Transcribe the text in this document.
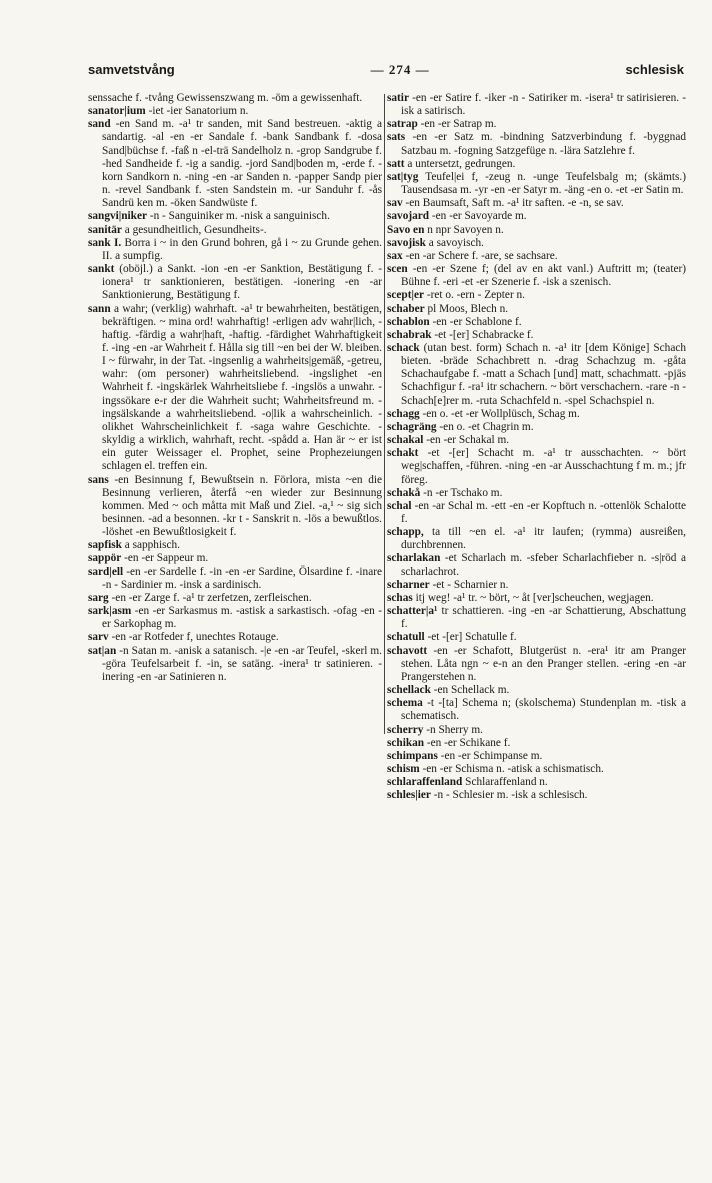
samvetstvång	— 274 —	schlesisk

senssache f. -tvång Gewissenszwang m. -öm a gewissenhaft.

sanator|ium -iet -ier Sanatorium n.

sand -en Sand m. -a¹ tr sanden, mit Sand bestreuen. -aktig a sandartig. -al -en -er Sandale f. -bank Sandbank f. -dosa Sand|büchse f. -faß n -el-trä Sandelholz n. -grop Sandgrube f. -hed Sandheide f. -ig a sandig. -jord Sand|boden m, -erde f. -korn Sandkorn n. -ning -en -ar Sanden n. -papper Sandp pier n. -revel Sandbank f. -sten Sandstein m. -ur Sanduhr f. -ås Sandrü ken m. -öken Sandwüste f.

sangvi|niker -n - Sanguiniker m. -nisk a sanguinisch.

sanitär a gesundheitlich, Gesundheits-.

sank I. Borra i ~ in den Grund bohren, gå i ~ zu Grunde gehen. II. a sumpfig.

sankt (oböjl.) a Sankt. -ion -en -er Sanktion, Bestätigung f. -ionera¹ tr sanktionieren, bestätigen. -ionering -en -ar Sanktionierung, Bestätigung f.

sann a wahr; (verklig) wahrhaft. -a¹ tr bewahrheiten, bestätigen, bekräftigen. ~ mina ord! wahrhaftig! -erligen adv wahr|lich, -haftig. -färdig a wahr|haft, -haftig. -färdighet Wahrhaftigkeit f. -ing -en -ar Wahrheit f. Hålla sig till ~en bei der W. bleiben. I ~ fürwahr, in der Tat. -ingsenlig a wahrheits|gemäß, -getreu, wahr: (om personer) wahrheitsliebend. -ingslighet -en Wahrheit f. -ingskärlek Wahrheitsliebe f. -ingslös a unwahr. -ingssökare e-r der die Wahrheit sucht; Wahrheitsfreund m. -ingsälskande a wahrheitsliebend. -o|lik a wahrscheinlich. -olikhet Wahrscheinlichkeit f. -saga wahre Geschichte. -skyldig a wirklich, wahrhaft, recht. -spådd a. Han är ~ er ist ein guter Weissager el. Prophet, seine Prophezeiungen schlagen el. treffen ein.

sans -en Besinnung f, Bewußtsein n. Förlora, mista ~en die Besinnung verlieren, återfå ~en wieder zur Besinnung kommen. Med ~ och måtta mit Maß und Ziel. -a,¹ ~ sig sich besinnen. -ad a besonnen. -kr t - Sanskrit n. -lös a bewußtlos. -löshet -en Bewußtlosigkeit f.

sapfisk a sapphisch.

sappör -en -er Sappeur m.

sard|ell -en -er Sardelle f. -in -en -er Sardine, Ölsardine f. -inare -n - Sardinier m. -insk a sardinisch.

sarg -en -er Zarge f. -a¹ tr zerfetzen, zerfleischen.

sark|asm -en -er Sarkasmus m. -astisk a sarkastisch. -ofag -en -er Sarkophag m.

sarv -en -ar Rotfeder f, unechtes Rotauge.

sat|an -n Satan m. -anisk a satanisch. -|e -en -ar Teufel, -skerl m. -göra Teufelsarbeit f. -in, se satäng. -inera¹ tr satinieren. -inering -en -ar Satinieren n.

satir -en -er Satire f. -iker -n - Satiriker m. -isera¹ tr satirisieren. -isk a satirisch.

satrap -en -er Satrap m.

sats -en -er Satz m. -bindning Satzverbindung f. -byggnad Satzbau m. -fogning Satzgefüge n. -lära Satzlehre f.

satt a untersetzt, gedrungen.

sat|tyg Teufel|ei f, -zeug n. -unge Teufelsbalg m; (skämts.) Tausendsasa m. -yr -en -er Satyr m. -äng -en o. -et -er Satin m.

sav -en Baumsaft, Saft m. -a¹ itr saften. -e -n, se sav.

savojard -en -er Savoyarde m.

Savo en n npr Savoyen n.

savojisk a savoyisch.

sax -en -ar Schere f. -are, se sachsare.

scen -en -er Szene f; (del av en akt vanl.) Auftritt m; (teater) Bühne f. -eri -et -er Szenerie f. -isk a szenisch.

scept|er -ret o. -ern - Zepter n.

schaber pl Moos, Blech n.

schablon -en -er Schablone f.

schabrak -et -[er] Schabracke f.

schack (utan best. form) Schach n. -a¹ itr [dem Könige] Schach bieten. -bräde Schachbrett n. -drag Schachzug m. -gåta Schachaufgabe f. -matt a Schach [und] matt, schachmatt. -pjäs Schachfigur f. -ra¹ itr schachern. ~ bört verschachern. -rare -n - Schach[e]rer m. -ruta Schachfeld n. -spel Schachspiel n.

schagg -en o. -et -er Wollplüsch, Schag m.

schagräng -en o. -et Chagrin m.

schakal -en -er Schakal m.

schakt -et -[er] Schacht m. -a¹ tr ausschachten. ~ bört weg|schaffen, -führen. -ning -en -ar Ausschachtung f m. m.; jfr föreg.

schakå -n -er Tschako m.

schal -en -ar Schal m. -ett -en -er Kopftuch n. -ottenlök Schalotte f.

schapp, ta till ~en el. -a¹ itr laufen; (rymma) ausreißen, durchbrennen.

scharlakan -et Scharlach m. -sfeber Scharlachfieber n. -s|röd a scharlachrot.

scharner -et - Scharnier n.

schas itj weg! -a¹ tr. ~ bört, ~ åt [ver]scheuchen, wegjagen.

schatter|a¹ tr schattieren. -ing -en -ar Schattierung, Abschattung f.

schatull -et -[er] Schatulle f.

schavott -en -er Schafott, Blutgerüst n. -era¹ itr am Pranger stehen. Låta ngn ~ e-n an den Pranger stellen. -ering -en -ar Prangerstehen n.

schellack -en Schellack m.

schema -t -[ta] Schema n; (skolschema) Stundenplan m. -tisk a schematisch.

scherry -n Sherry m.

schikan -en -er Schikane f.

schimpans -en -er Schimpanse m.

schism -en -er Schisma n. -atisk a schismatisch.

schlaraffenland Schlaraffenland n.

schles|ier -n - Schlesier m. -isk a schlesisch.
